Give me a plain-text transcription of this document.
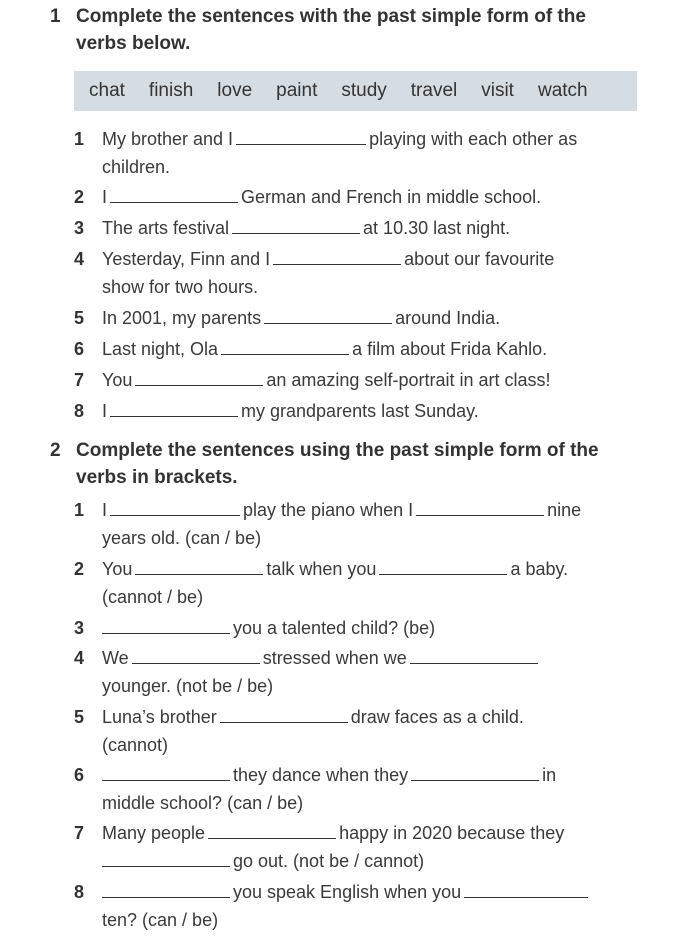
1 Complete the sentences with the past simple form of the
verbs below.
chat finish love paint study travel visit watch
1 My brother and I	playing with each other as
children.
2 I	German and French in middle school.
3 The arts festival	at 10.30 last night.
4 Yesterday, Finn and I	about our favourite
show for two hours.
5 In 2001, my parents	around India.
6 Last night, Ola	a film about Frida Kahlo.
7 You	an amazing self-portrait in art class!
8 I	my grandparents last Sunday.
2 Complete the sentences using the past simple form of the
verbs in brackets.
1 I	play the piano when I	nine
years old. (can / be)
2 You	talk when you	a baby.
(cannot / be)
3	you a talented child? (be)
4 We	stressed when we
younger. (not be / be)
5 Luna’s brother	draw faces as a child.
(cannot)
6	they dance when they	in
middle school? (can / be)
7 Many people	happy in 2020 because they
go out. (not be / cannot)
8	you speak English when you
ten? (can / be)
